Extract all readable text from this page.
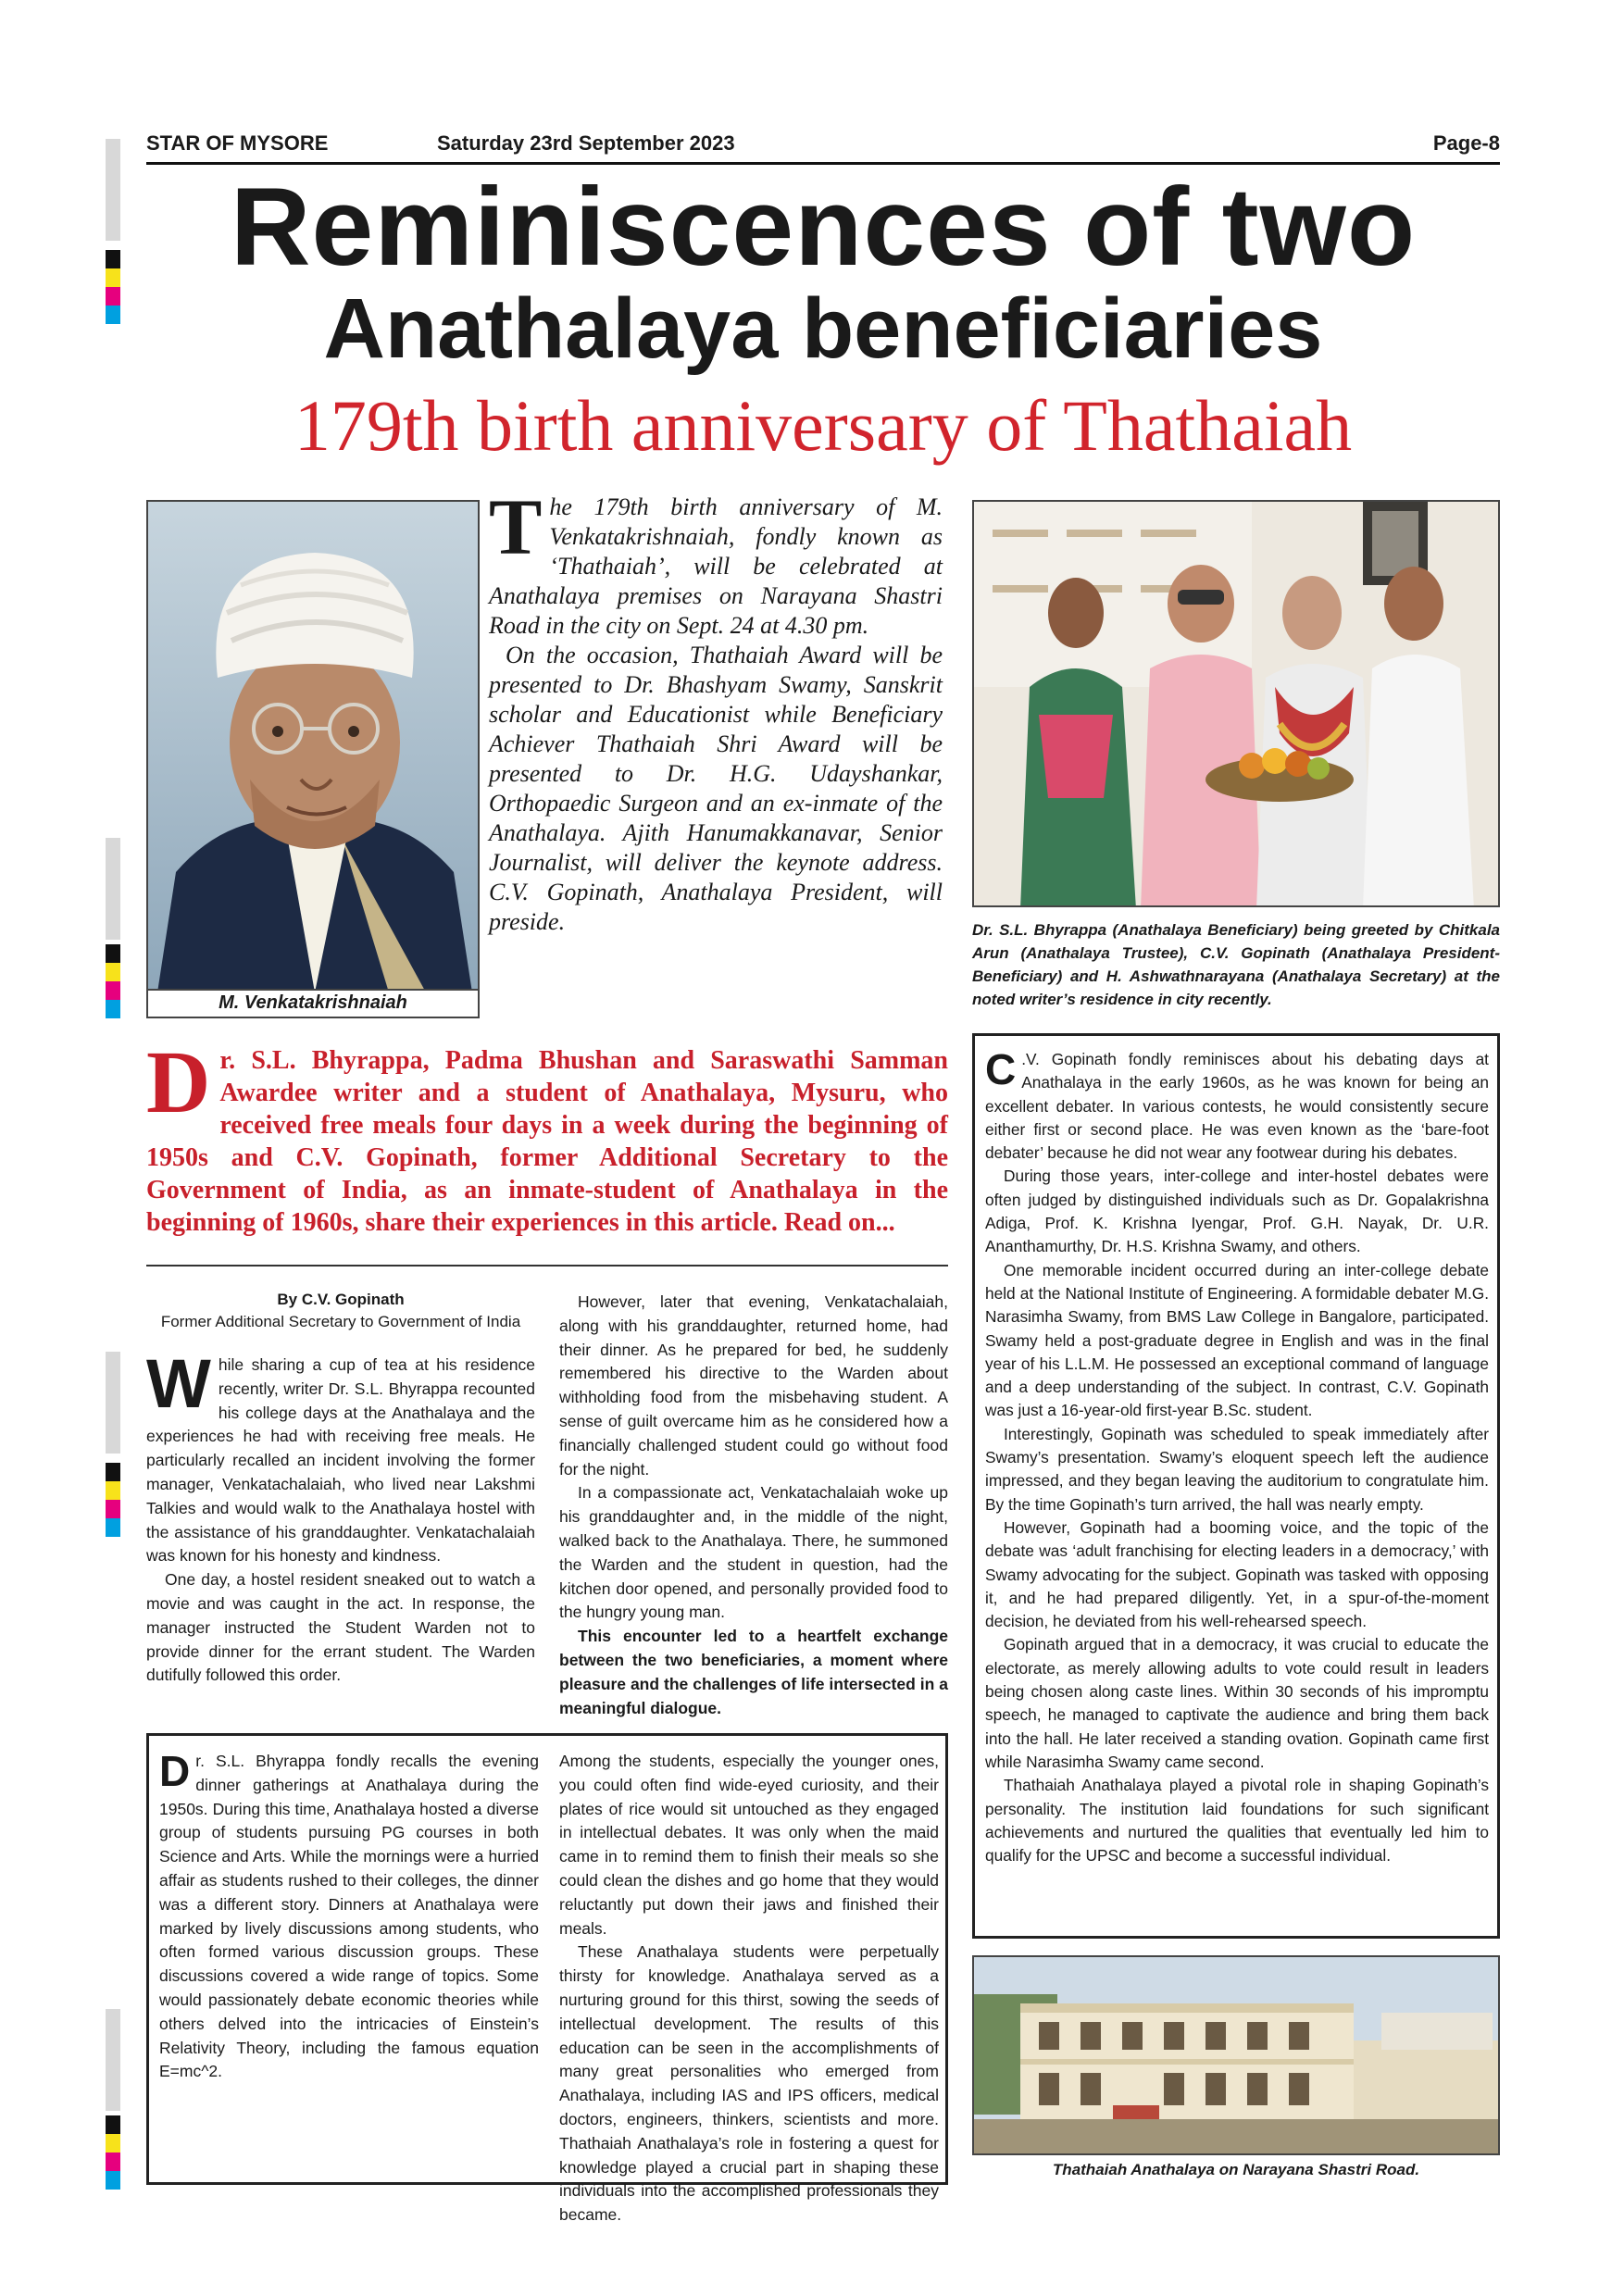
STAR OF MYSORE	Saturday 23rd September 2023	Page-8
Reminiscences of two
Anathalaya beneficiaries
179th birth anniversary of Thathaiah
M. Venkatakrishnaiah

The 179th birth anniversary of M. Venkatakrishnaiah, fondly known as ‘Thathaiah’, will be celebrated at Anathalaya premises on Narayana Shastri Road in the city on Sept. 24 at 4.30 pm.

On the occasion, Thathaiah Award will be presented to Dr. Bhashyam Swamy, Sanskrit scholar and Educationist while Beneficiary Achiever Thathaiah Shri Award will be presented to Dr. H.G. Udayshankar, Orthopaedic Surgeon and an ex-inmate of the Anathalaya. Ajith Hanumakkanavar, Senior Journalist, will deliver the keynote address. C.V. Gopinath, Anathalaya President, will preside.	Dr. S.L. Bhyrappa (Anathalaya Beneficiary) being greeted by Chitkala Arun (Anathalaya Trustee), C.V. Gopinath (Anathalaya President-Beneficiary) and H. Ashwathnarayana (Anathalaya Secretary) at the noted writer’s residence in city recently.
Dr. S.L. Bhyrappa, Padma Bhushan and Saraswathi Samman Awardee writer and a student of Anathalaya, Mysuru, who received free meals four days in a week during the beginning of 1950s and C.V. Gopinath, former Additional Secretary to the Government of India, as an inmate-student of Anathalaya in the beginning of 1960s, share their experiences in this article. Read on...
By C.V. Gopinath
Former Additional Secretary to Government of India

While sharing a cup of tea at his residence recently, writer Dr. S.L. Bhyrappa recounted his college days at the Anathalaya and the experiences he had with receiving free meals. He particularly recalled an incident involving the former manager, Venkatachalaiah, who lived near Lakshmi Talkies and would walk to the Anathalaya hostel with the assistance of his granddaughter. Venkatachalaiah was known for his honesty and kindness.

One day, a hostel resident sneaked out to watch a movie and was caught in the act. In response, the manager instructed the Student Warden not to provide dinner for the errant student. The Warden dutifully followed this order.

However, later that evening, Venkatachalaiah, along with his granddaughter, returned home, had their dinner. As he prepared for bed, he suddenly remembered his directive to the Warden about withholding food from the misbehaving student. A sense of guilt overcame him as he considered how a financially challenged student could go without food for the night.

In a compassionate act, Venkatachalaiah woke up his granddaughter and, in the middle of the night, walked back to the Anathalaya. There, he summoned the Warden and the student in question, had the kitchen door opened, and personally provided food to the hungry young man.

This encounter led to a heartfelt exchange between the two beneficiaries, a moment where pleasure and the challenges of life intersected in a meaningful dialogue.

Dr. S.L. Bhyrappa fondly recalls the evening dinner gatherings at Anathalaya during the 1950s. During this time, Anathalaya hosted a diverse group of students pursuing PG courses in both Science and Arts. While the mornings were a hurried affair as students rushed to their colleges, the dinner was a different story. Dinners at Anathalaya were marked by lively discussions among students, who often formed various discussion groups. These discussions covered a wide range of topics. Some would passionately debate economic theories while others delved into the intricacies of Einstein’s Relativity Theory, including the famous equation E=mc^2.

Among the students, especially the younger ones, you could often find wide-eyed curiosity, and their plates of rice would sit untouched as they engaged in intellectual debates. It was only when the maid came in to remind them to finish their meals so she could clean the dishes and go home that they would reluctantly put down their jaws and finished their meals.

These Anathalaya students were perpetually thirsty for knowledge. Anathalaya served as a nurturing ground for this thirst, sowing the seeds of intellectual development. The results of this education can be seen in the accomplishments of many great personalities who emerged from Anathalaya, including IAS and IPS officers, medical doctors, engineers, thinkers, scientists and more. Thathaiah Anathalaya’s role in fostering a quest for knowledge played a crucial part in shaping these individuals into the accomplished professionals they became.

C .V. Gopinath fondly reminisces about his debating days at Anathalaya in the early 1960s, as he was known for being an excellent debater. In various contests, he would consistently secure either first or second place. He was even known as the ‘bare-foot debater’ because he did not wear any footwear during his debates.

During those years, inter-college and inter-hostel debates were often judged by distinguished individuals such as Dr. Gopalakrishna Adiga, Prof. K. Krishna Iyengar, Prof. G.H. Nayak, Dr. U.R. Ananthamurthy, Dr. H.S. Krishna Swamy, and others.

One memorable incident occurred during an inter-college debate held at the National Institute of Engineering. A formidable debater M.G. Narasimha Swamy, from BMS Law College in Bangalore, participated. Swamy held a post-graduate degree in English and was in the final year of his L.L.M. He possessed an exceptional command of language and a deep understanding of the subject. In contrast, C.V. Gopinath was just a 16-year-old first-year B.Sc. student.

Interestingly, Gopinath was scheduled to speak immediately after Swamy’s presentation. Swamy’s eloquent speech left the audience impressed, and they began leaving the auditorium to congratulate him. By the time Gopinath’s turn arrived, the hall was nearly empty.

However, Gopinath had a booming voice, and the topic of the debate was ‘adult franchising for electing leaders in a democracy,’ with Swamy advocating for the subject. Gopinath was tasked with opposing it, and he had prepared diligently. Yet, in a spur-of-the-moment decision, he deviated from his well-rehearsed speech.

Gopinath argued that in a democracy, it was crucial to educate the electorate, as merely allowing adults to vote could result in leaders being chosen along caste lines. Within 30 seconds of his impromptu speech, he managed to captivate the audience and bring them back into the hall. He later received a standing ovation. Gopinath came first while Narasimha Swamy came second.

Thathaiah Anathalaya played a pivotal role in shaping Gopinath’s personality. The institution laid foundations for such significant achievements and nurtured the qualities that eventually led him to qualify for the UPSC and become a successful individual.

Thathaiah Anathalaya on Narayana Shastri Road.
